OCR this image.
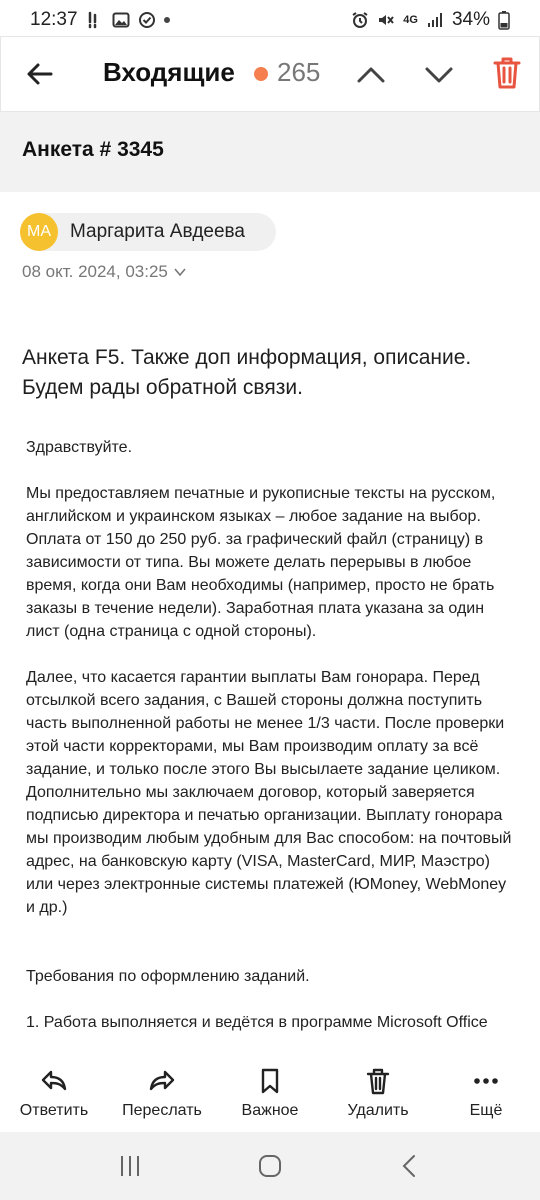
12:37	4G 34%
Входящие 265
Анкета # 3345
МА	Маргарита Авдеева
08 окт. 2024, 03:25
Анкета F5. Также доп информация, описание. Будем рады обратной связи.

Здравствуйте.

Мы предоставляем печатные и рукописные тексты на русском, английском и украинском языках – любое задание на выбор. Оплата от 150 до 250 руб. за графический файл (страницу) в зависимости от типа. Вы можете делать перерывы в любое время, когда они Вам необходимы (например, просто не брать заказы в течение недели). Заработная плата указана за один лист (одна страница с одной стороны).

Далее, что касается гарантии выплаты Вам гонорара. Перед отсылкой всего задания, с Вашей стороны должна поступить часть выполненной работы не менее 1/3 части. После проверки этой части корректорами, мы Вам производим оплату за всё задание, и только после этого Вы высылаете задание целиком. Дополнительно мы заключаем договор, который заверяется подписью директора и печатью организации. Выплату гонорара мы производим любым удобным для Вас способом: на почтовый адрес, на банковскую карту (VISA, MasterCard, МИР, Маэстро) или через электронные системы платежей (ЮMoney, WebMoney и др.)

Требования по оформлению заданий.

1. Работа выполняется и ведётся в программе Microsoft Office

Ответить Переслать Важное	Удалить	Ещё
